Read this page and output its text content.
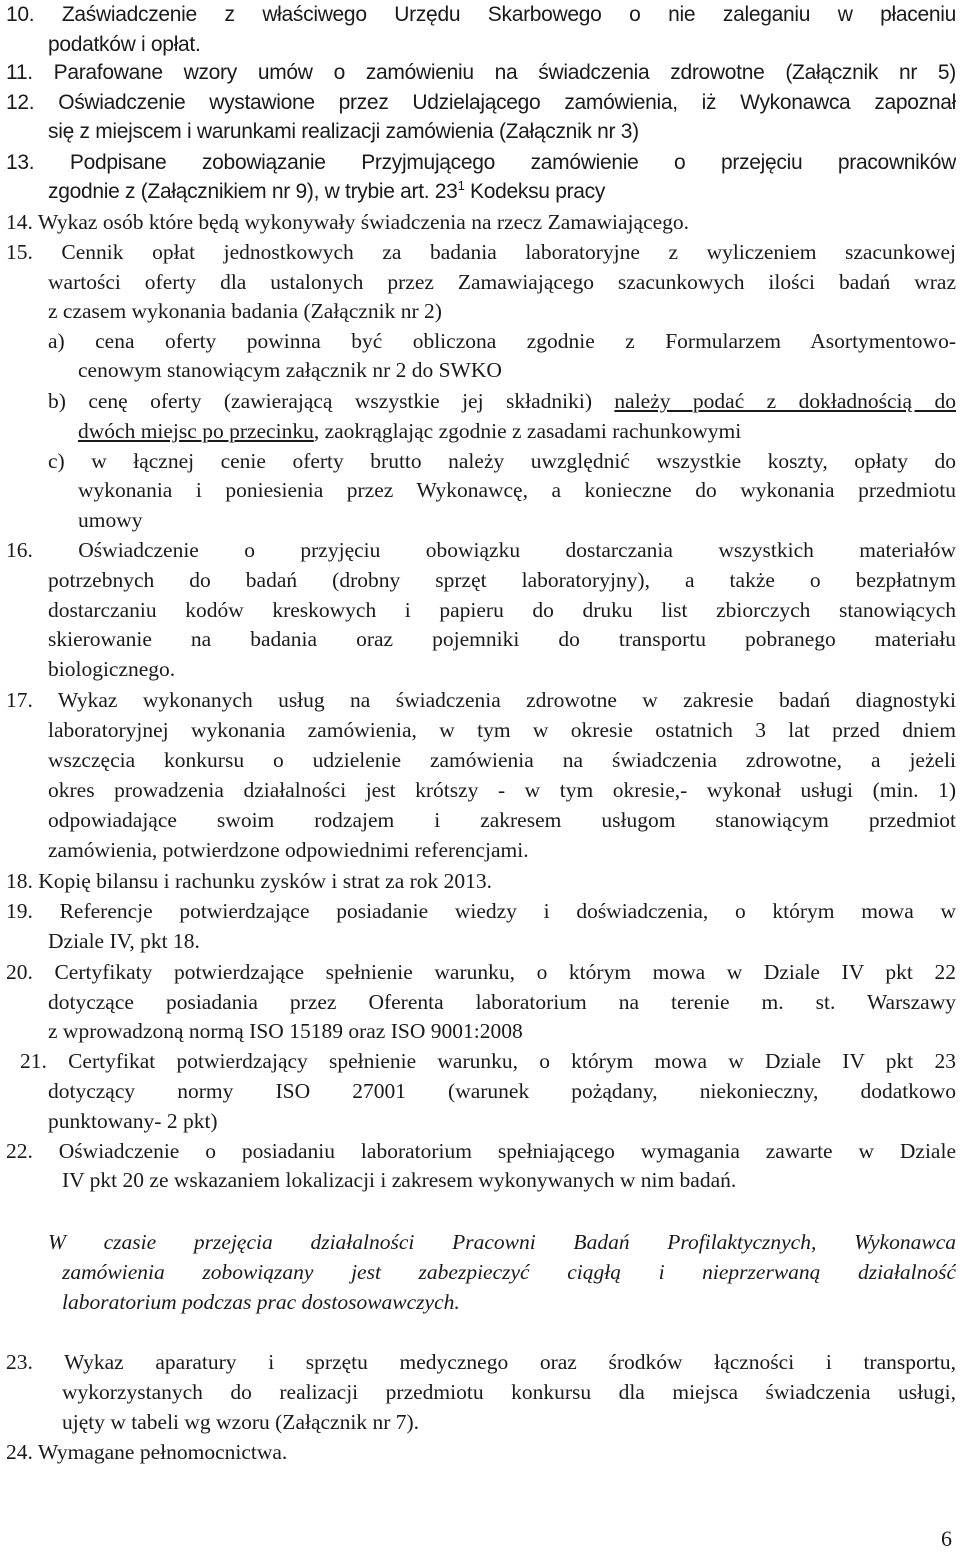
10. Zaświadczenie z właściwego Urzędu Skarbowego o nie zaleganiu w płaceniu
podatków i opłat.
11. Parafowane wzory umów o zamówieniu na świadczenia zdrowotne (Załącznik nr 5)
12. Oświadczenie wystawione przez Udzielającego zamówienia, iż Wykonawca zapoznał
się z miejscem i warunkami realizacji zamówienia (Załącznik nr 3)
13. Podpisane zobowiązanie Przyjmującego zamówienie o przejęciu pracowników
zgodnie z (Załącznikiem nr 9), w trybie art. $23^1$ Kodeksu pracy
14. Wykaz osób które będą wykonywały świadczenia na rzecz Zamawiającego.
15. Cennik opłat jednostkowych za badania laboratoryjne z wyliczeniem szacunkowej
wartości oferty dla ustalonych przez Zamawiającego szacunkowych ilości badań wraz
z czasem wykonania badania (Załącznik nr 2)
a) cena oferty powinna być obliczona zgodnie z Formularzem Asortymentowo-
cenowym stanowiącym załącznik nr 2 do SWKO
b) cenę oferty (zawierającą wszystkie jej składniki) należy podać z dokładnością do
dwóch miejsc po przecinku, zaokrąglając zgodnie z zasadami rachunkowymi
c) w łącznej cenie oferty brutto należy uwzględnić wszystkie koszty, opłaty do
wykonania i poniesienia przez Wykonawcę, a konieczne do wykonania przedmiotu
umowy
16. Oświadczenie o przyjęciu obowiązku dostarczania wszystkich materiałów
potrzebnych do badań (drobny sprzęt laboratoryjny), a także o bezpłatnym
dostarczaniu kodów kreskowych i papieru do druku list zbiorczych stanowiących
skierowanie na badania oraz pojemniki do transportu pobranego materiału
biologicznego.
17. Wykaz wykonanych usług na świadczenia zdrowotne w zakresie badań diagnostyki
laboratoryjnej wykonania zamówienia, w tym w okresie ostatnich 3 lat przed dniem
wszczęcia konkursu o udzielenie zamówienia na świadczenia zdrowotne, a jeżeli
okres prowadzenia działalności jest krótszy - w tym okresie,- wykonał usługi (min. 1)
odpowiadające swoim rodzajem i zakresem usługom stanowiącym przedmiot
zamówienia, potwierdzone odpowiednimi referencjami.
18. Kopię bilansu i rachunku zysków i strat za rok 2013.
19. Referencje potwierdzające posiadanie wiedzy i doświadczenia, o którym mowa w
Dziale IV, pkt 18.
20. Certyfikaty potwierdzające spełnienie warunku, o którym mowa w Dziale IV pkt 22
dotyczące posiadania przez Oferenta laboratorium na terenie m. st. Warszawy
z wprowadzoną normą ISO 15189 oraz ISO 9001:2008
21. Certyfikat potwierdzający spełnienie warunku, o którym mowa w Dziale IV pkt 23
dotyczący normy ISO 27001 (warunek pożądany, niekonieczny, dodatkowo
punktowany- 2 pkt)
22. Oświadczenie o posiadaniu laboratorium spełniającego wymagania zawarte w Dziale
IV pkt 20 ze wskazaniem lokalizacji i zakresem wykonywanych w nim badań.
W czasie przejęcia działalności Pracowni Badań Profilaktycznych, Wykonawca
zamówienia zobowiązany jest zabezpieczyć ciągłą i nieprzerwaną działalność
laboratorium podczas prac dostosowawczych.
23. Wykaz aparatury i sprzętu medycznego oraz środków łączności i transportu,
wykorzystanych do realizacji przedmiotu konkursu dla miejsca świadczenia usługi,
ujęty w tabeli wg wzoru (Załącznik nr 7).
24. Wymagane pełnomocnictwa.
6
